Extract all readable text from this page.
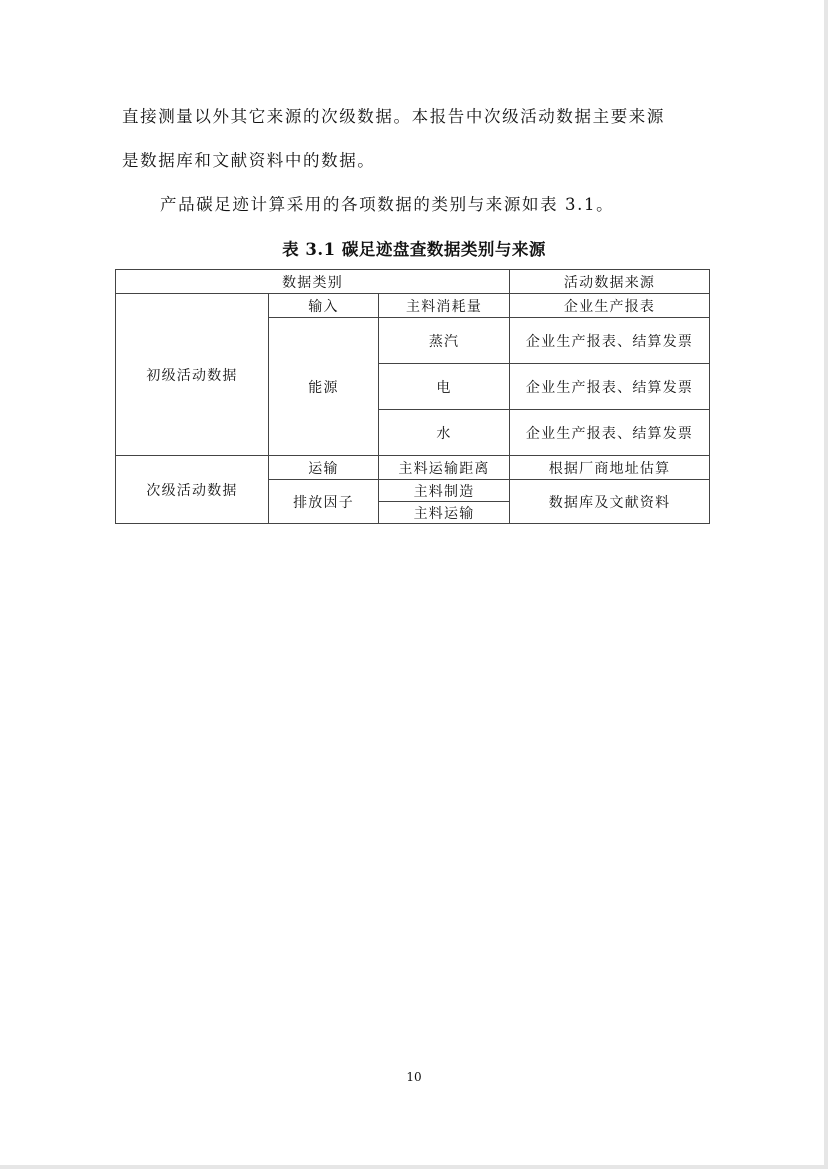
直接测量以外其它来源的次级数据。本报告中次级活动数据主要来源

是数据库和文献资料中的数据。

产品碳足迹计算采用的各项数据的类别与来源如表 3.1。

表 3.1 碳足迹盘查数据类别与来源

数据类别			活动数据来源
初级活动数据	输入	主料消耗量	企业生产报表
	能源	蒸汽	企业生产报表、结算发票
		电	企业生产报表、结算发票
		水	企业生产报表、结算发票
次级活动数据	运输	主料运输距离	根据厂商地址估算
	排放因子	主料制造	数据库及文献资料
		主料运输	

10
